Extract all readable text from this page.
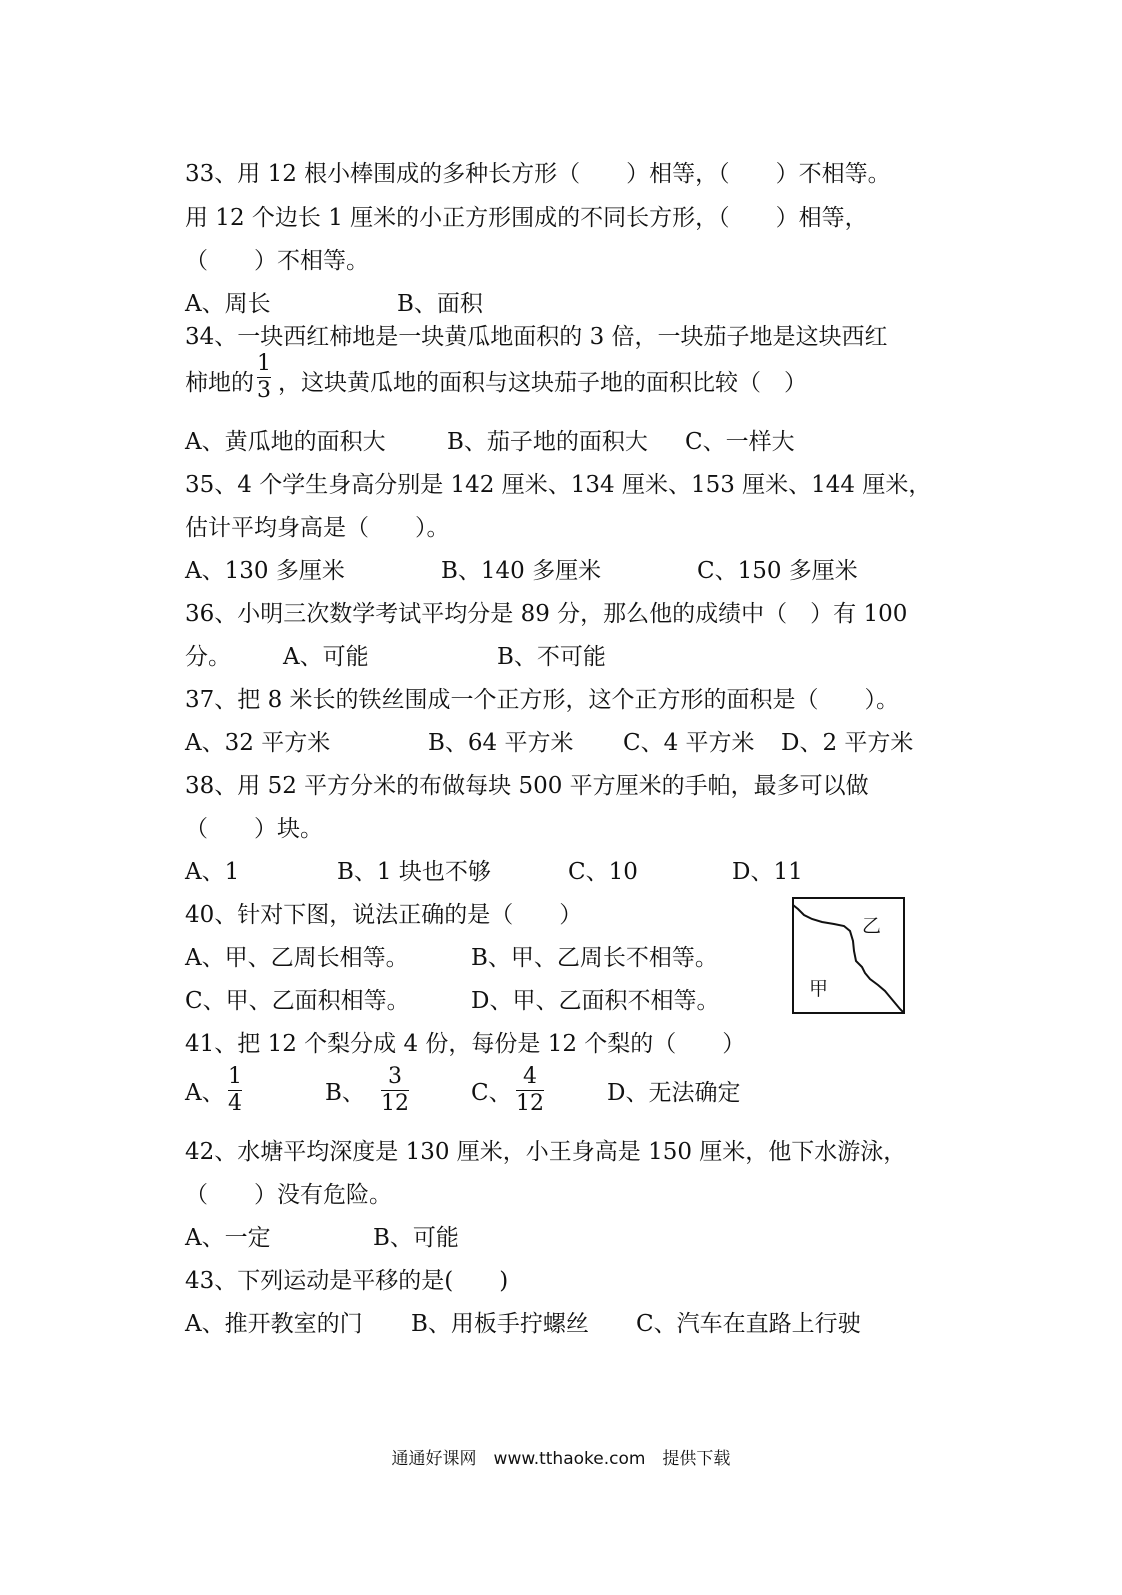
33、用 12 根小棒围成的多种长方形（　　）相等，（　　）不相等。
用 12 个边长 1 厘米的小正方形围成的不同长方形，（　　）相等，
（　　）不相等。
A、周长	B、面积
34、一块西红柿地是一块黄瓜地面积的 3 倍，一块茄子地是这块西红
柿地的
1
3 ，这块黄瓜地的面积与这块茄子地的面积比较（　）
A、黄瓜地的面积大	B、茄子地的面积大 C、一样大
35、4 个学生身高分别是 142 厘米、134 厘米、153 厘米、144 厘米，
估计平均身高是（　　）。
A、130 多厘米	B、140 多厘米	C、150 多厘米
36、小明三次数学考试平均分是 89 分，那么他的成绩中（　）有 100
分。 A、可能	B、不可能
37、把 8 米长的铁丝围成一个正方形，这个正方形的面积是（　　）。
A、32 平方米	B、64 平方米 C、4 平方米 D、2 平方米
38、用 52 平方分米的布做每块 500 平方厘米的手帕，最多可以做
（　　）块。
A、1	B、1 块也不够	C、10	D、11
40、针对下图，说法正确的是（　　）
A、甲、乙周长相等。	B、甲、乙周长不相等。
C、甲、乙面积相等。	D、甲、乙面积不相等。
乙
甲
41、把 12 个梨分成 4 份，每份是 12 个梨的（　　）
A、
1
4	B、
3
12	C、
4
12	D、无法确定
42、水塘平均深度是 130 厘米，小王身高是 150 厘米，他下水游泳，
（　　）没有危险。
A、一定	B、可能
43、下列运动是平移的是(　　)
A、推开教室的门 B、用板手拧螺丝 C、汽车在直路上行驶
通通好课网　www.tthaoke.com　提供下载
